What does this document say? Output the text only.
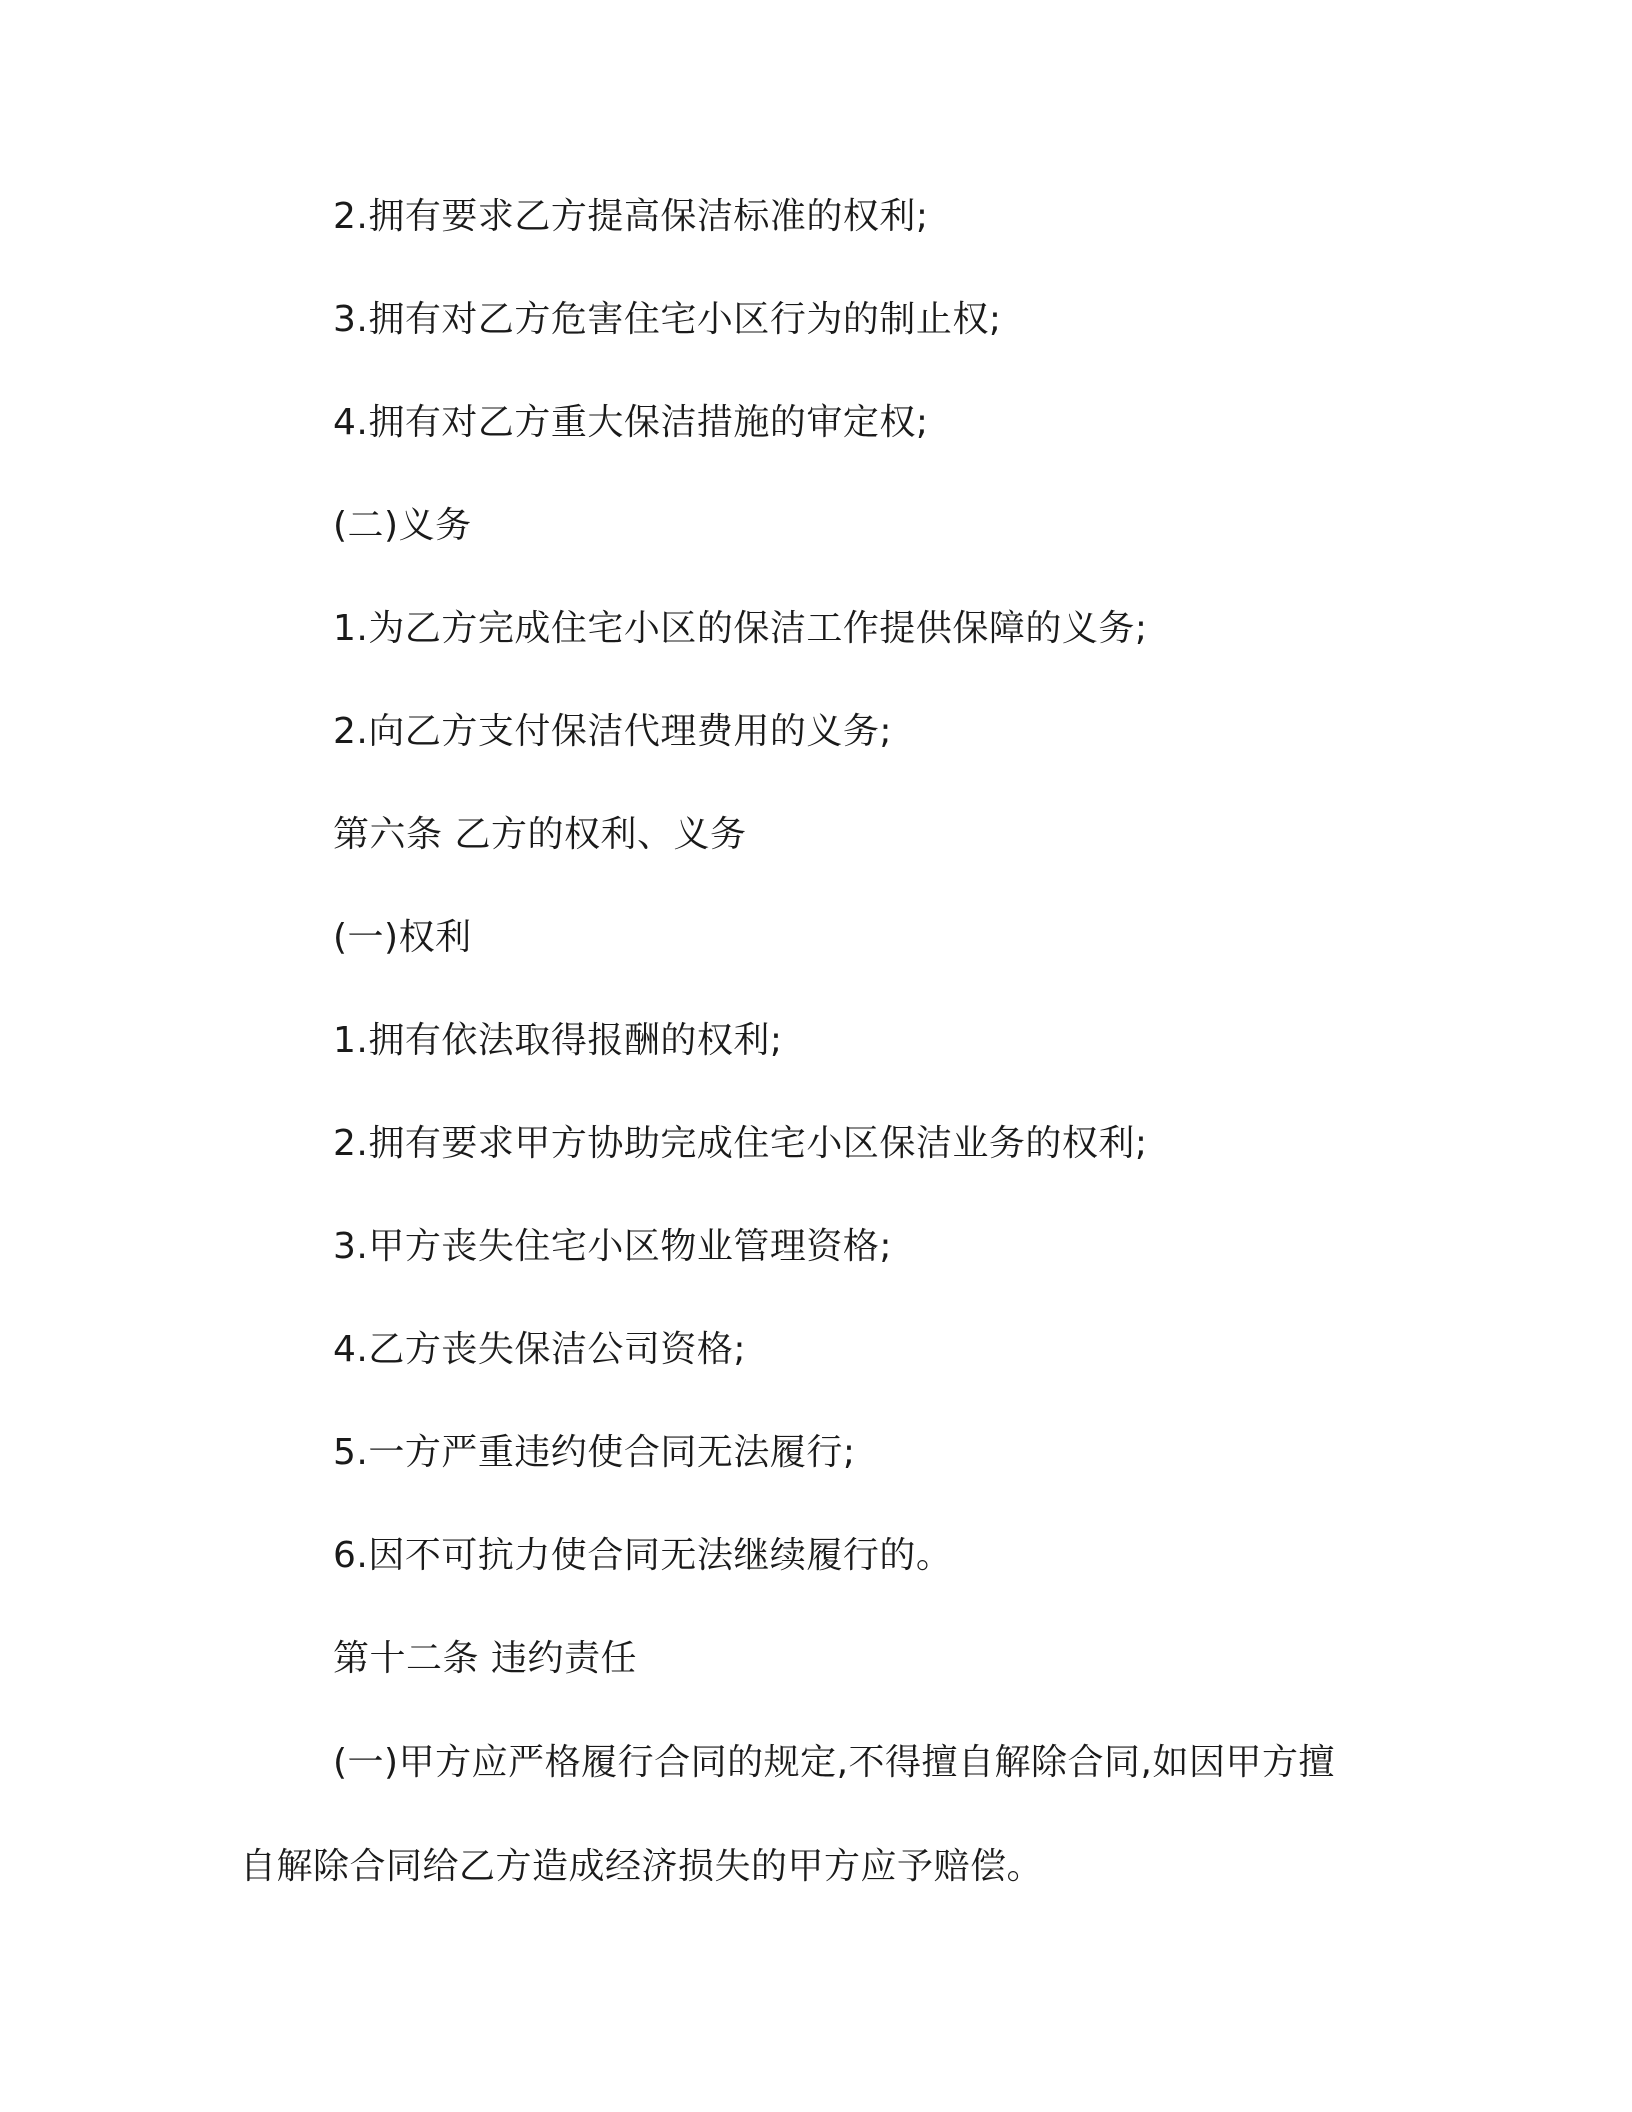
2.拥有要求乙方提高保洁标准的权利;

3.拥有对乙方危害住宅小区行为的制止权;

4.拥有对乙方重大保洁措施的审定权;

(二)义务

1.为乙方完成住宅小区的保洁工作提供保障的义务;

2.向乙方支付保洁代理费用的义务;

第六条 乙方的权利、义务

(一)权利

1.拥有依法取得报酬的权利;

2.拥有要求甲方协助完成住宅小区保洁业务的权利;

3.甲方丧失住宅小区物业管理资格;

4.乙方丧失保洁公司资格;

5.一方严重违约使合同无法履行;

6.因不可抗力使合同无法继续履行的。

第十二条 违约责任

(一)甲方应严格履行合同的规定,不得擅自解除合同,如因甲方擅自解除合同给乙方造成经济损失的甲方应予赔偿。
